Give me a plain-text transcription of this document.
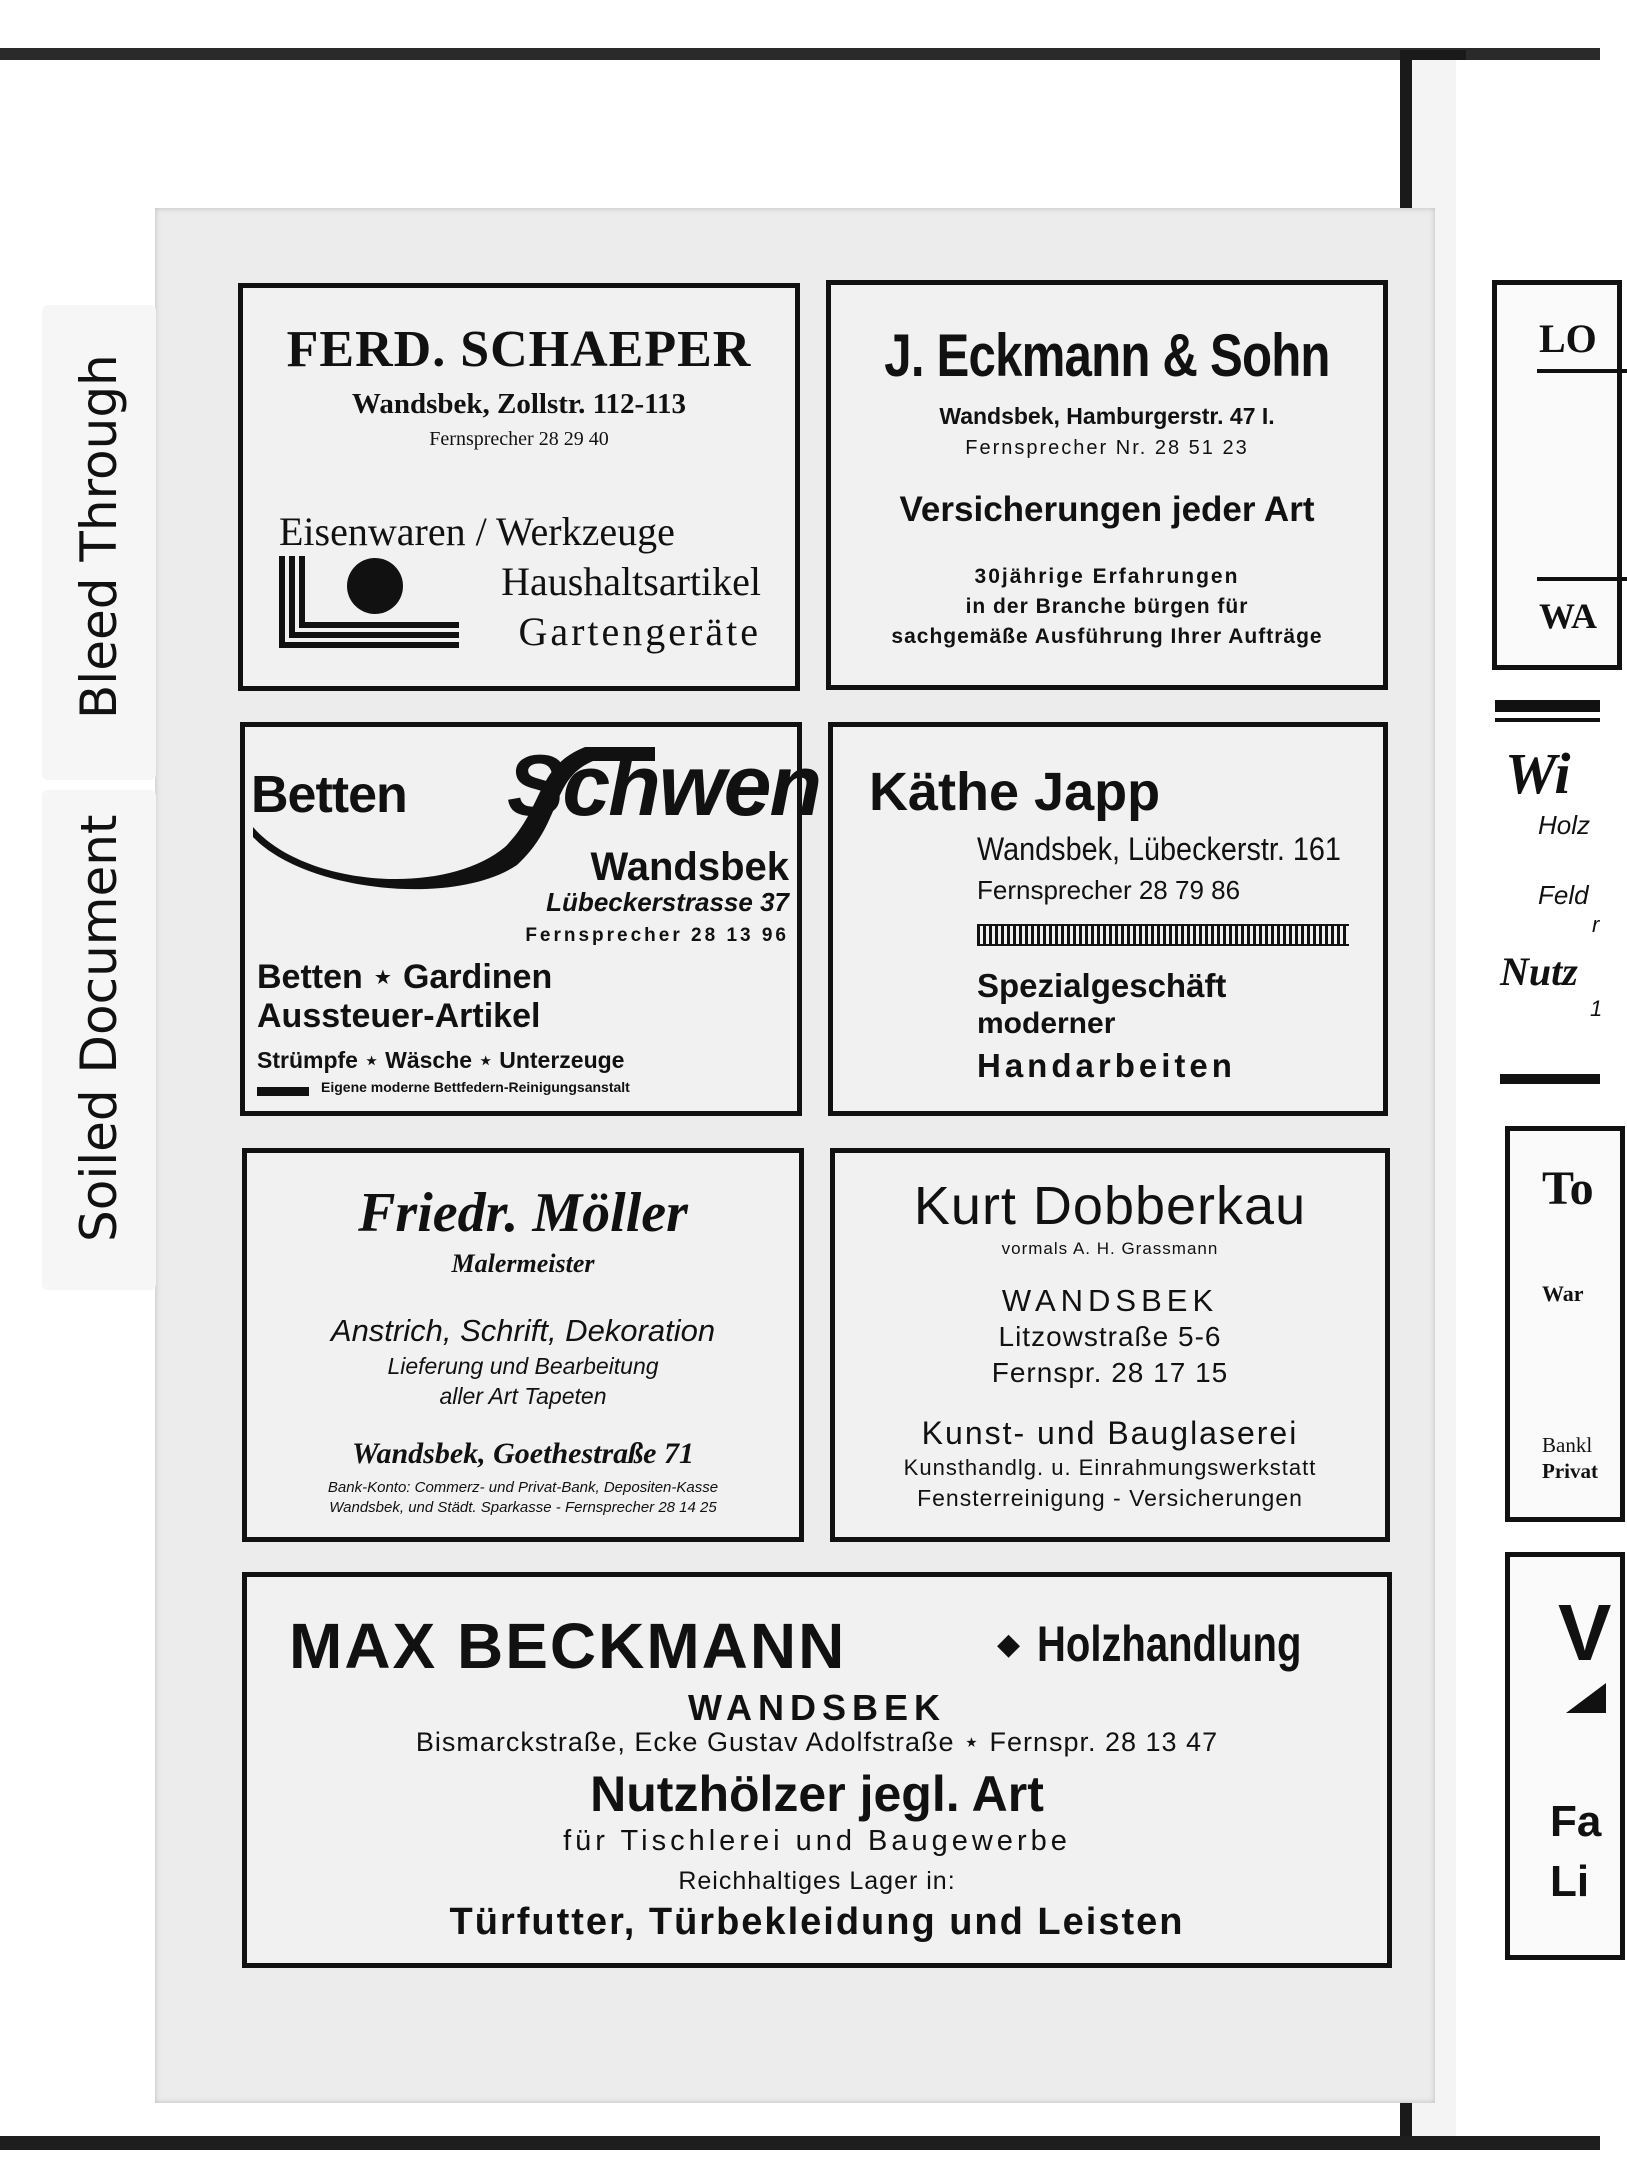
Bleed Through
Soiled Document
FERD. SCHAEPER
Wandsbek, Zollstr. 112-113
Fernsprecher 28 29 40
Eisenwaren / Werkzeuge
Haushaltsartikel
Gartengeräte
J. Eckmann & Sohn
Wandsbek, Hamburgerstr. 47 I.
Fernsprecher Nr. 28 51 23
Versicherungen jeder Art
30jährige Erfahrungen
in der Branche bürgen für
sachgemäße Ausführung Ihrer Aufträge
Betten Schwen
Wandsbek
Lübeckerstrasse 37
Fernsprecher 28 13 96
Betten ⋆ Gardinen
Aussteuer-Artikel
Strümpfe ⋆ Wäsche ⋆ Unterzeuge
Eigene moderne Bettfedern-Reinigungsanstalt
Käthe Japp
Wandsbek, Lübeckerstr. 161
Fernsprecher 28 79 86
Spezialgeschäft
moderner
Handarbeiten
Friedr. Möller
Malermeister
Anstrich, Schrift, Dekoration
Lieferung und Bearbeitung
aller Art Tapeten
Wandsbek, Goethestraße 71
Bank-Konto: Commerz- und Privat-Bank, Depositen-Kasse
Wandsbek, und Städt. Sparkasse - Fernsprecher 28 14 25
Kurt Dobberkau
vormals A. H. Grassmann
WANDSBEK
Litzowstraße 5-6
Fernspr. 28 17 15
Kunst- und Bauglaserei
Kunsthandlg. u. Einrahmungswerkstatt
Fensterreinigung - Versicherungen
MAX BECKMANN	◆ Holzhandlung
WANDSBEK
Bismarckstraße, Ecke Gustav Adolfstraße ⋆ Fernspr. 28 13 47
Nutzhölzer jegl. Art
für Tischlerei und Baugewerbe
Reichhaltiges Lager in:
Türfutter, Türbekleidung und Leisten
LO
WA
Wi
Holz
Feld
r
Nutz
1
To
War
Bankl
Privat
V
Fa
Li
